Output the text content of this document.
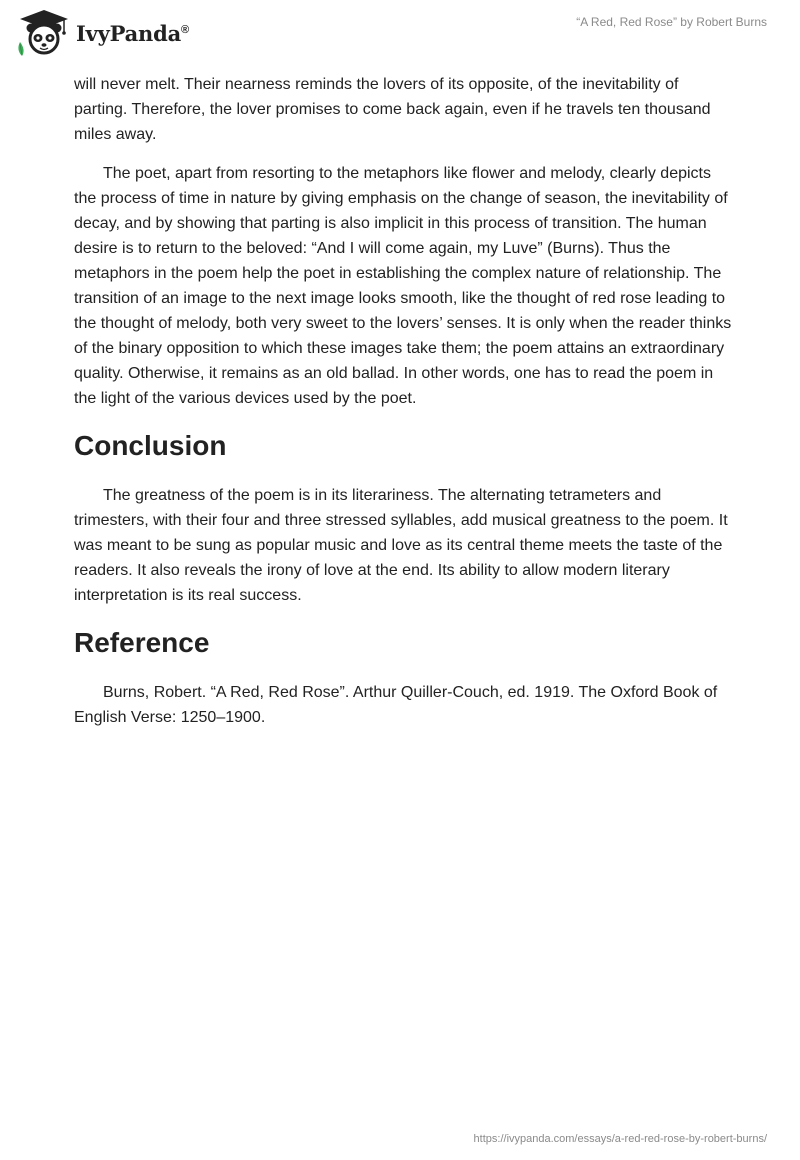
IvyPanda®
“A Red, Red Rose” by Robert Burns

will never melt. Their nearness reminds the lovers of its opposite, of the inevitability of parting. Therefore, the lover promises to come back again, even if he travels ten thousand miles away.

The poet, apart from resorting to the metaphors like flower and melody, clearly depicts the process of time in nature by giving emphasis on the change of season, the inevitability of decay, and by showing that parting is also implicit in this process of transition. The human desire is to return to the beloved: “And I will come again, my Luve” (Burns). Thus the metaphors in the poem help the poet in establishing the complex nature of relationship. The transition of an image to the next image looks smooth, like the thought of red rose leading to the thought of melody, both very sweet to the lovers’ senses. It is only when the reader thinks of the binary opposition to which these images take them; the poem attains an extraordinary quality. Otherwise, it remains as an old ballad. In other words, one has to read the poem in the light of the various devices used by the poet.

Conclusion

The greatness of the poem is in its literariness. The alternating tetrameters and trimesters, with their four and three stressed syllables, add musical greatness to the poem. It was meant to be sung as popular music and love as its central theme meets the taste of the readers. It also reveals the irony of love at the end. Its ability to allow modern literary interpretation is its real success.

Reference

Burns, Robert. “A Red, Red Rose”. Arthur Quiller-Couch, ed. 1919. The Oxford Book of English Verse: 1250–1900.

https://ivypanda.com/essays/a-red-red-rose-by-robert-burns/
